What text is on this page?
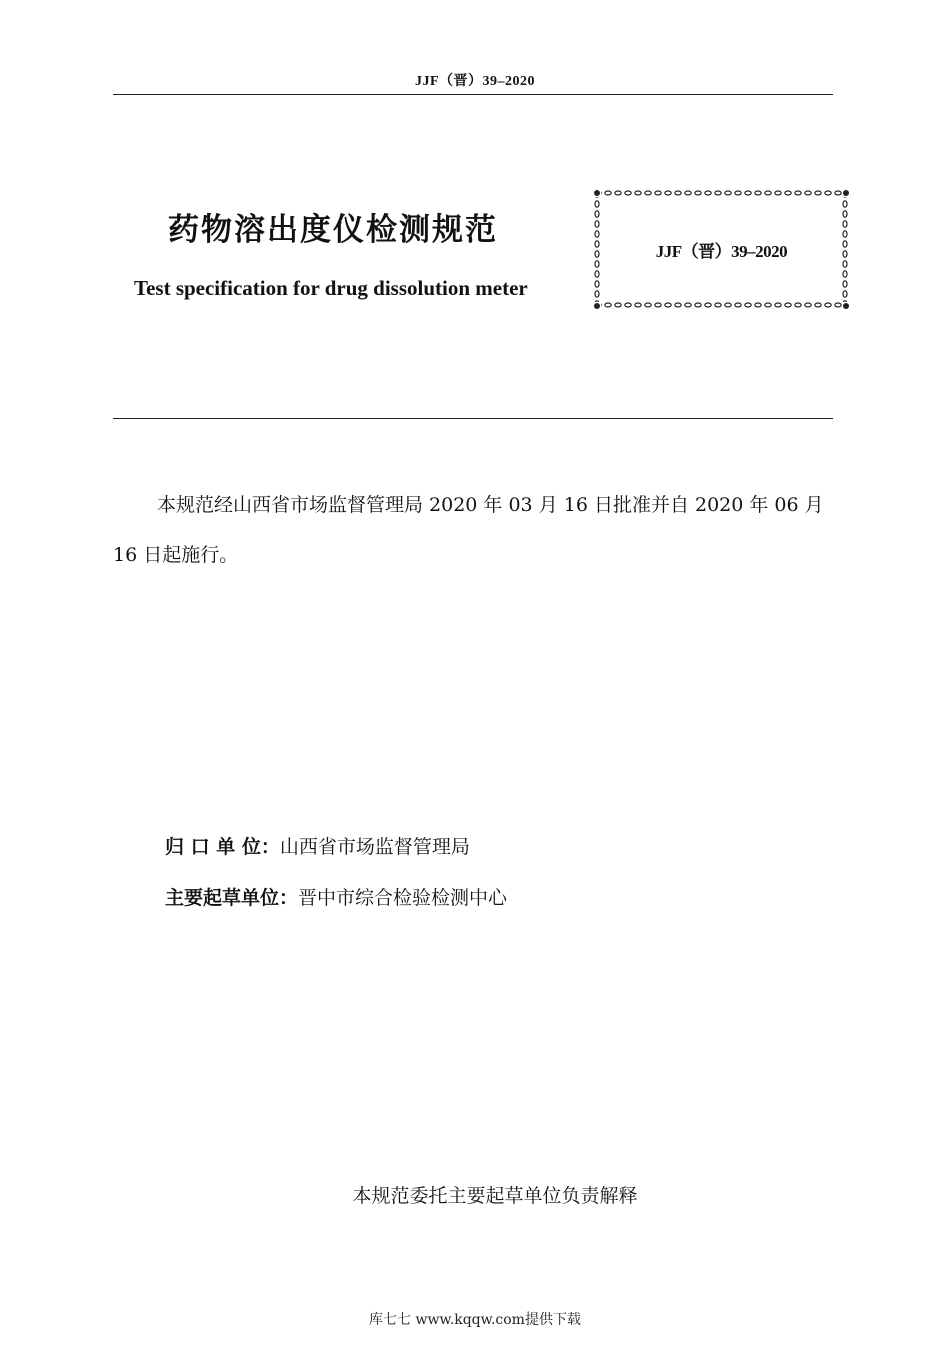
JJF（晋）39–2020
药物溶出度仪检测规范
Test specification for drug dissolution meter
JJF（晋）39–2020
本规范经山西省市场监督管理局 2020 年 03 月 16 日批准并自 2020 年 06 月 16 日起施行。
归 口 单 位：山西省市场监督管理局
主要起草单位：晋中市综合检验检测中心
本规范委托主要起草单位负责解释
库七七 www.kqqw.com提供下载
